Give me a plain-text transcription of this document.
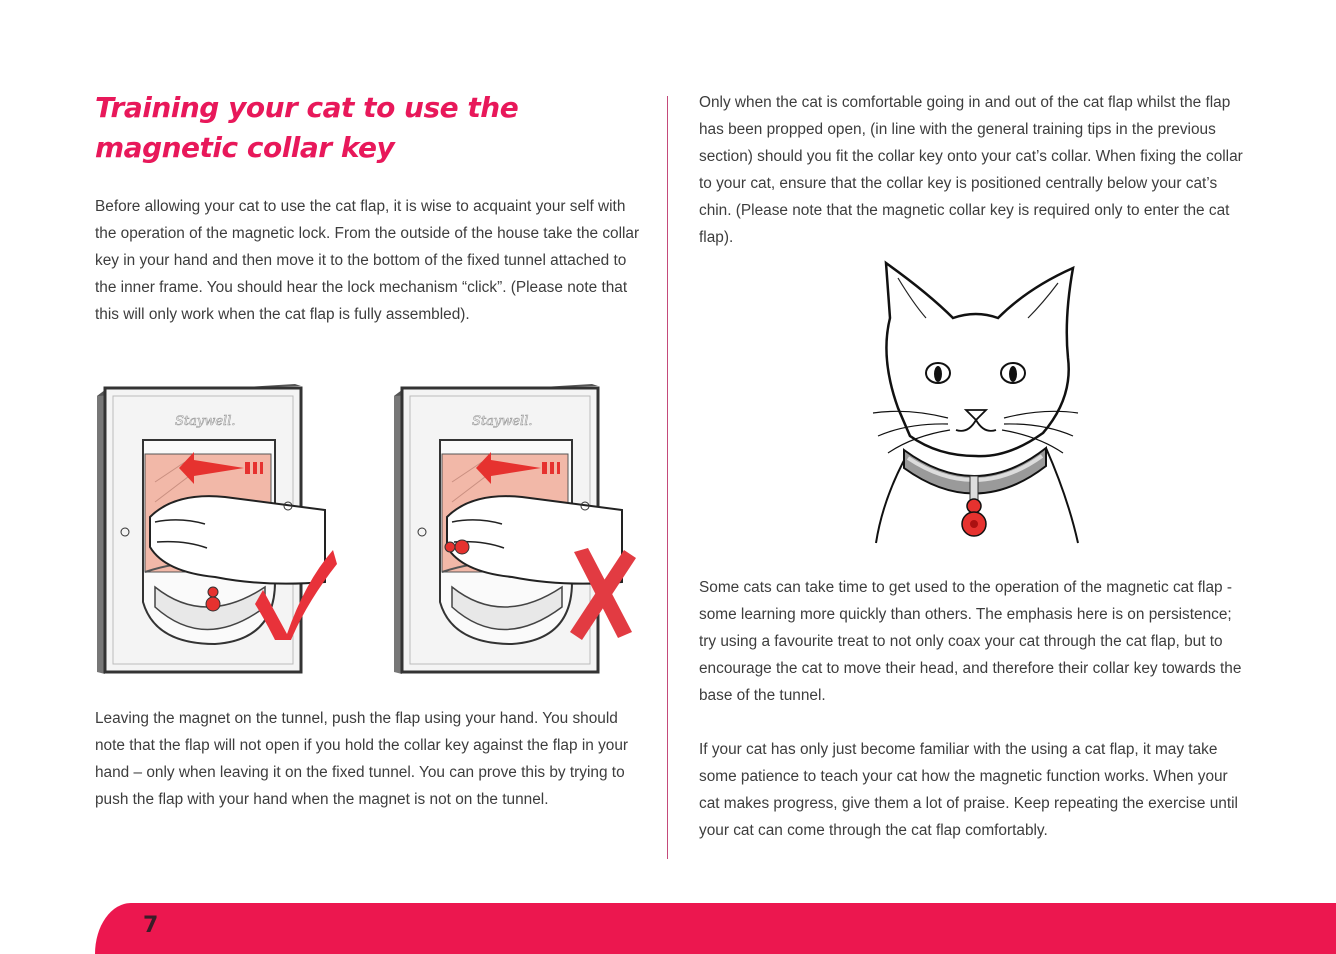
Training your cat to use the magnetic collar key

Before allowing your cat to use the cat flap, it is wise to acquaint your self with the operation of the magnetic lock. From the outside of the house take the collar key in your hand and then move it to the bottom of the fixed tunnel attached to the inner frame. You should hear the lock mechanism “click”. (Please note that this will only work when the cat flap is fully assembled).

Staywell.	Staywell.

Leaving the magnet on the tunnel, push the flap using your hand. You should note that the flap will not open if you hold the collar key against the flap in your hand – only when leaving it on the fixed tunnel. You can prove this by trying to push the flap with your hand when the magnet is not on the tunnel.

Only when the cat is comfortable going in and out of the cat flap whilst the flap has been propped open, (in line with the general training tips in the previous section) should you fit the collar key onto your cat’s collar. When fixing the collar to your cat, ensure that the collar key is positioned centrally below your cat’s chin. (Please note that the magnetic collar key is required only to enter the cat flap).

Some cats can take time to get used to the operation of the magnetic cat flap - some learning more quickly than others. The emphasis here is on persistence; try using a favourite treat to not only coax your cat through the cat flap, but to encourage the cat to move their head, and therefore their collar key towards the base of the tunnel.

If your cat has only just become familiar with the using a cat flap, it may take some patience to teach your cat how the magnetic function works. When your cat makes progress, give them a lot of praise. Keep repeating the exercise until your cat can come through the cat flap comfortably.

7
